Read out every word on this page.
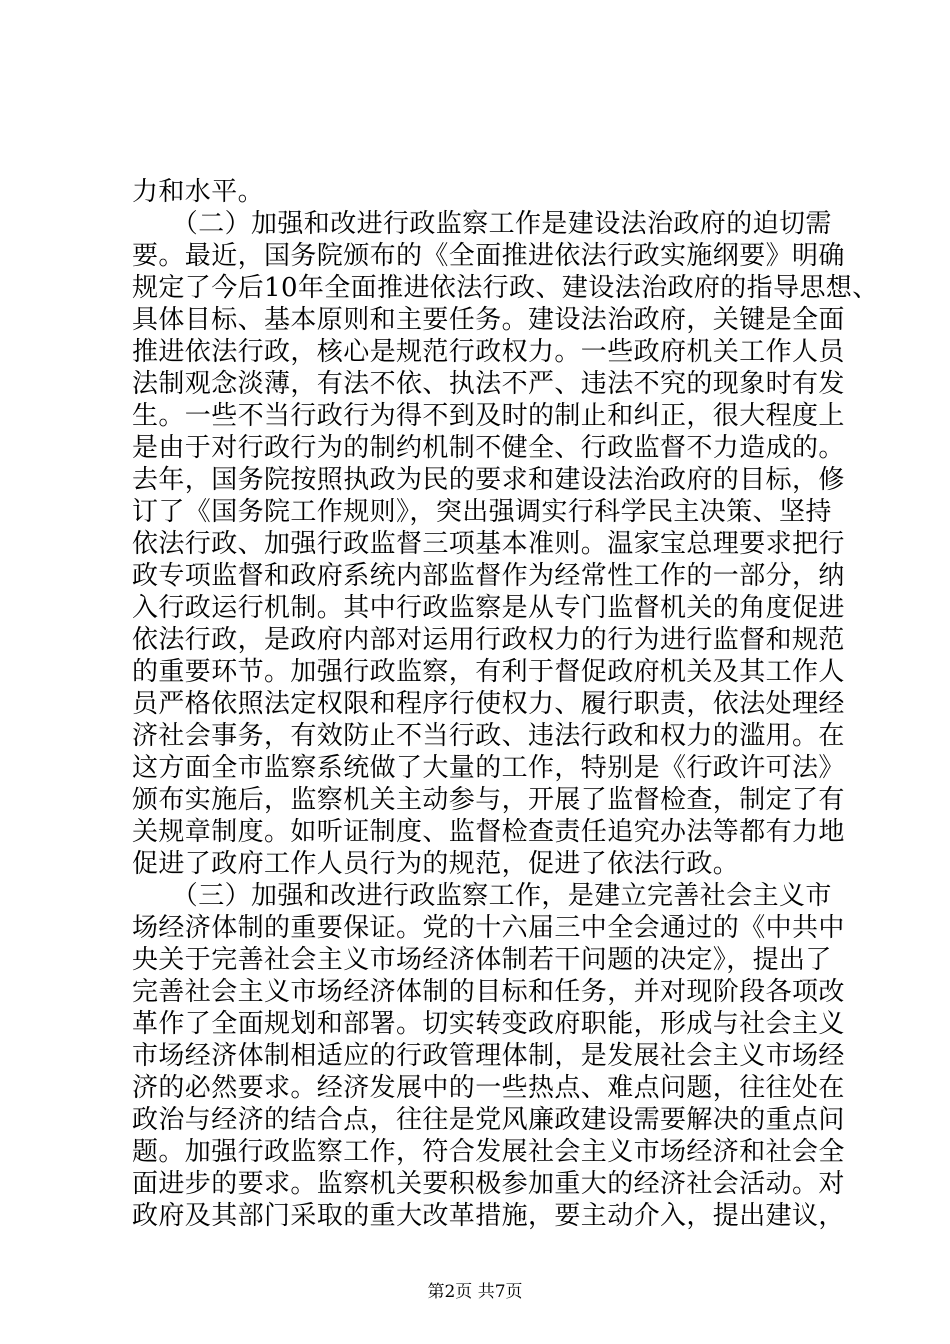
力和水平。
　　（二）加强和改进行政监察工作是建设法治政府的迫切需
要。最近，国务院颁布的《全面推进依法行政实施纲要》明确
规定了今后10年全面推进依法行政、建设法治政府的指导思想、
具体目标、基本原则和主要任务。建设法治政府，关键是全面
推进依法行政，核心是规范行政权力。一些政府机关工作人员
法制观念淡薄，有法不依、执法不严、违法不究的现象时有发
生。一些不当行政行为得不到及时的制止和纠正，很大程度上
是由于对行政行为的制约机制不健全、行政监督不力造成的。
去年，国务院按照执政为民的要求和建设法治政府的目标，修
订了《国务院工作规则》，突出强调实行科学民主决策、坚持
依法行政、加强行政监督三项基本准则。温家宝总理要求把行
政专项监督和政府系统内部监督作为经常性工作的一部分，纳
入行政运行机制。其中行政监察是从专门监督机关的角度促进
依法行政，是政府内部对运用行政权力的行为进行监督和规范
的重要环节。加强行政监察，有利于督促政府机关及其工作人
员严格依照法定权限和程序行使权力、履行职责，依法处理经
济社会事务，有效防止不当行政、违法行政和权力的滥用。在
这方面全市监察系统做了大量的工作，特别是《行政许可法》
颁布实施后，监察机关主动参与，开展了监督检查，制定了有
关规章制度。如听证制度、监督检查责任追究办法等都有力地
促进了政府工作人员行为的规范，促进了依法行政。
　　（三）加强和改进行政监察工作，是建立完善社会主义市
场经济体制的重要保证。党的十六届三中全会通过的《中共中
央关于完善社会主义市场经济体制若干问题的决定》，提出了
完善社会主义市场经济体制的目标和任务，并对现阶段各项改
革作了全面规划和部署。切实转变政府职能，形成与社会主义
市场经济体制相适应的行政管理体制，是发展社会主义市场经
济的必然要求。经济发展中的一些热点、难点问题，往往处在
政治与经济的结合点，往往是党风廉政建设需要解决的重点问
题。加强行政监察工作，符合发展社会主义市场经济和社会全
面进步的要求。监察机关要积极参加重大的经济社会活动。对
政府及其部门采取的重大改革措施，要主动介入，提出建议，
第2页 共7页
